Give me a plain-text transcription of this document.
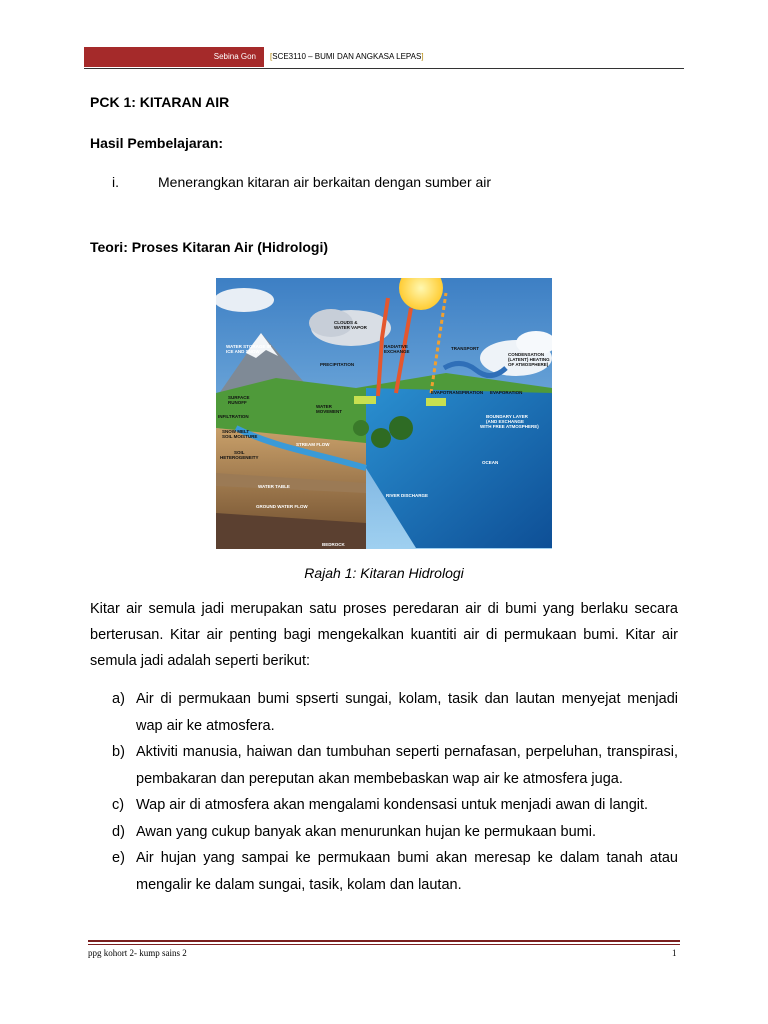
Sebina Gon	[SCE3110 – BUMI DAN ANGKASA LEPAS]
PCK 1: KITARAN AIR
Hasil Pembelajaran:
i.	Menerangkan kitaran air berkaitan dengan sumber air
Teori: Proses Kitaran Air (Hidrologi)
CLOUDS &
WATER VAPOR
WATER STORAGE IN
ICE AND SNOW
RADIATIVE
EXCHANGE
TRANSPORT
CONDENSATION
(LATENT) HEATING
OF ATMOSPHERE)
PRECIPITATION
EVAPOTRANSPIRATION EVAPORATION
SURFACE
RUNOFF
INFILTRATION
WATER
MOVEMENT
BOUNDARY LAYER
(AND EXCHANGE
WITH FREE ATMOSPHERE)
SNOW MELT
SOIL MOISTURE
SOIL
HETEROGENEITY
STREAM FLOW
OCEAN
WATER TABLE
RIVER DISCHARGE
GROUND WATER FLOW
BEDROCK
Rajah 1: Kitaran Hidrologi
Kitar air semula jadi merupakan satu proses peredaran air di bumi yang berlaku secara berterusan. Kitar air penting bagi mengekalkan kuantiti air di permukaan bumi. Kitar air semula jadi adalah seperti berikut:
a) Air di permukaan bumi spserti sungai, kolam, tasik dan lautan menyejat menjadi wap air ke atmosfera.
b) Aktiviti manusia, haiwan dan tumbuhan seperti pernafasan, perpeluhan, transpirasi, pembakaran dan pereputan akan membebaskan wap air ke atmosfera juga.
c) Wap air di atmosfera akan mengalami kondensasi untuk menjadi awan di langit.
d) Awan yang cukup banyak akan menurunkan hujan ke permukaan bumi.
e) Air hujan yang sampai ke permukaan bumi akan meresap ke dalam tanah atau mengalir ke dalam sungai, tasik, kolam dan lautan.
ppg kohort 2- kump sains 2	1
